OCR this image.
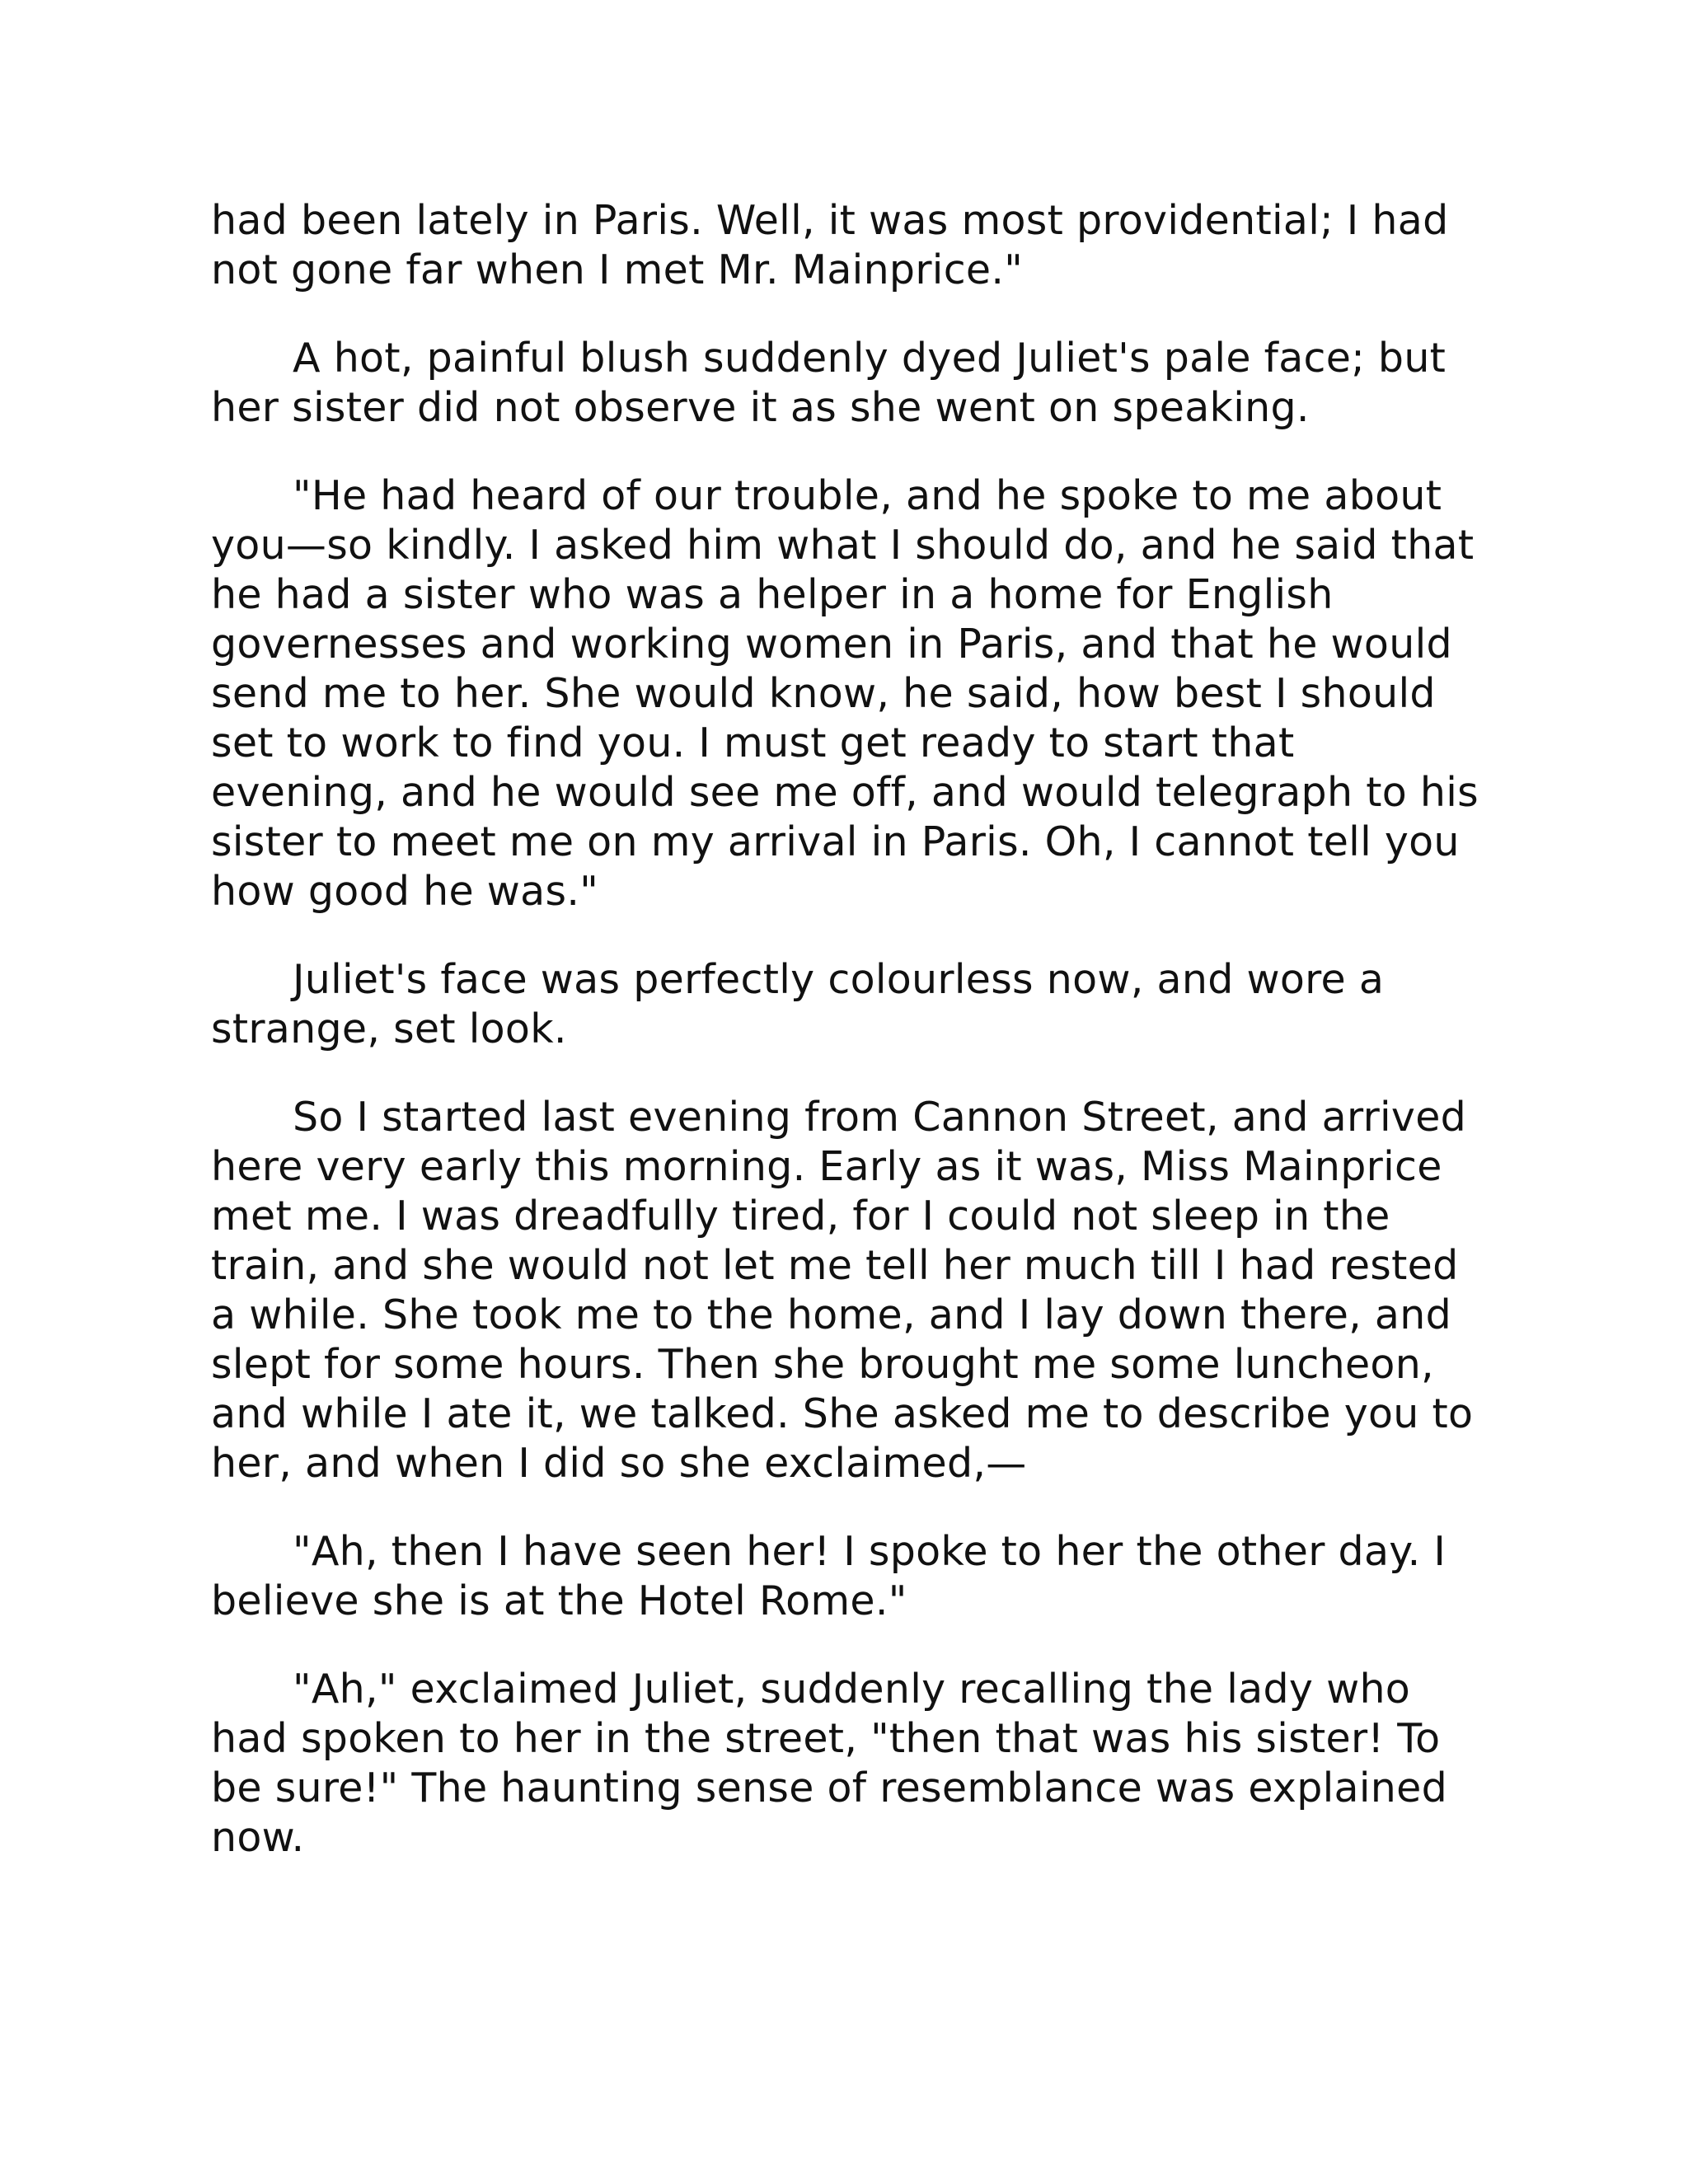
had been lately in Paris. Well, it was most providential; I had not gone far when I met Mr. Mainprice."

A hot, painful blush suddenly dyed Juliet's pale face; but her sister did not observe it as she went on speaking.

"He had heard of our trouble, and he spoke to me about you—so kindly. I asked him what I should do, and he said that he had a sister who was a helper in a home for English governesses and working women in Paris, and that he would send me to her. She would know, he said, how best I should set to work to find you. I must get ready to start that evening, and he would see me off, and would telegraph to his sister to meet me on my arrival in Paris. Oh, I cannot tell you how good he was."

Juliet's face was perfectly colourless now, and wore a strange, set look.

So I started last evening from Cannon Street, and arrived here very early this morning. Early as it was, Miss Mainprice met me. I was dreadfully tired, for I could not sleep in the train, and she would not let me tell her much till I had rested a while. She took me to the home, and I lay down there, and slept for some hours. Then she brought me some luncheon, and while I ate it, we talked. She asked me to describe you to her, and when I did so she exclaimed,—

"Ah, then I have seen her! I spoke to her the other day. I believe she is at the Hotel Rome."

"Ah," exclaimed Juliet, suddenly recalling the lady who had spoken to her in the street, "then that was his sister! To be sure!" The haunting sense of resemblance was explained now.
